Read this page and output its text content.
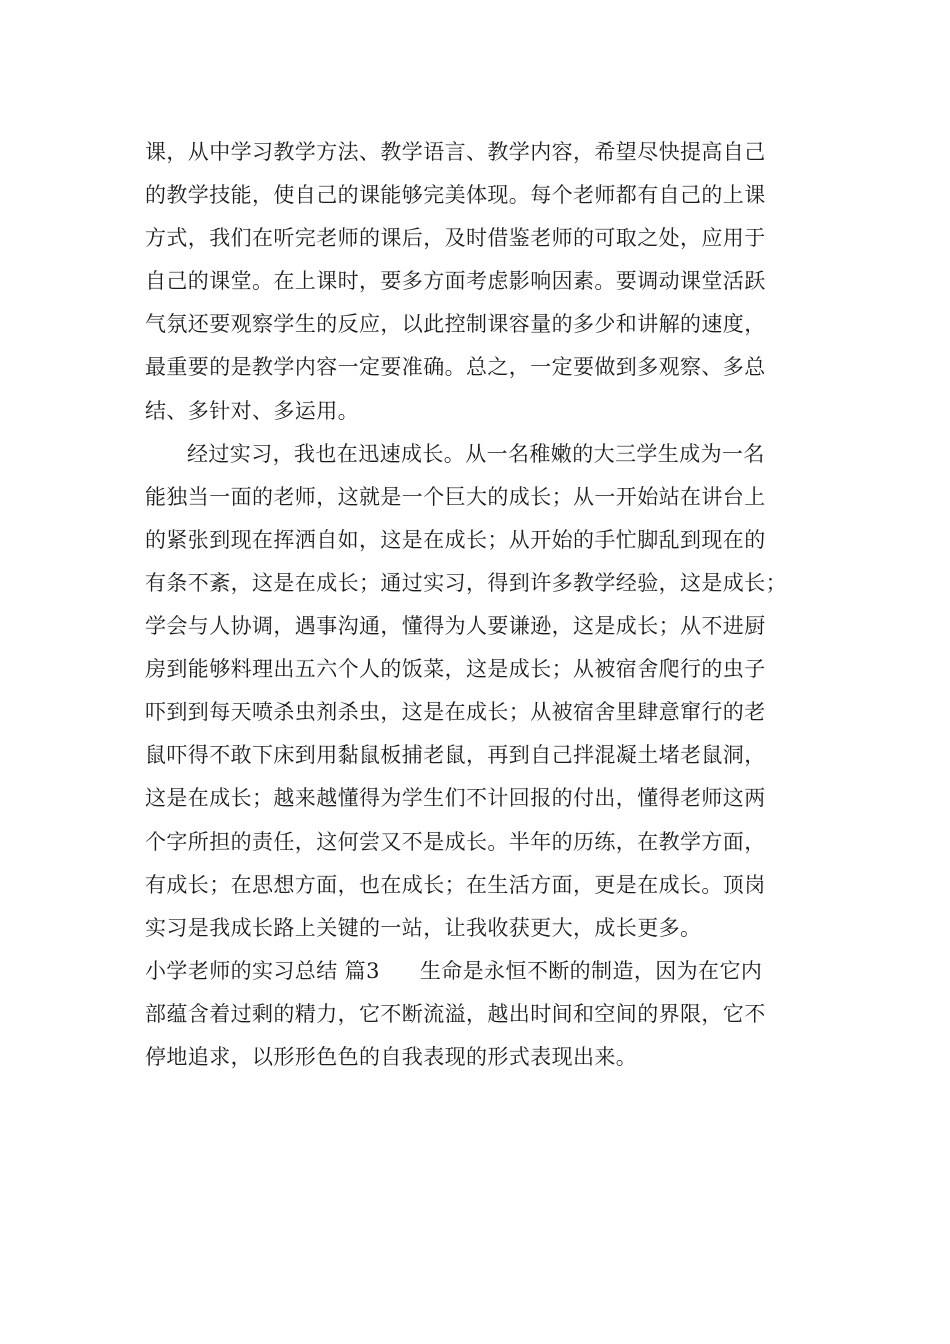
课，从中学习教学方法、教学语言、教学内容，希望尽快提高自己
的教学技能，使自己的课能够完美体现。每个老师都有自己的上课
方式，我们在听完老师的课后，及时借鉴老师的可取之处，应用于
自己的课堂。在上课时，要多方面考虑影响因素。要调动课堂活跃
气氛还要观察学生的反应，以此控制课容量的多少和讲解的速度，
最重要的是教学内容一定要准确。总之，一定要做到多观察、多总
结、多针对、多运用。
经过实习，我也在迅速成长。从一名稚嫩的大三学生成为一名
能独当一面的老师，这就是一个巨大的成长；从一开始站在讲台上
的紧张到现在挥洒自如，这是在成长；从开始的手忙脚乱到现在的
有条不紊，这是在成长；通过实习，得到许多教学经验，这是成长；
学会与人协调，遇事沟通，懂得为人要谦逊，这是成长；从不进厨
房到能够料理出五六个人的饭菜，这是成长；从被宿舍爬行的虫子
吓到到每天喷杀虫剂杀虫，这是在成长；从被宿舍里肆意窜行的老
鼠吓得不敢下床到用黏鼠板捕老鼠，再到自己拌混凝土堵老鼠洞，
这是在成长；越来越懂得为学生们不计回报的付出，懂得老师这两
个字所担的责任，这何尝又不是成长。半年的历练，在教学方面，
有成长；在思想方面，也在成长；在生活方面，更是在成长。顶岗
实习是我成长路上关键的一站，让我收获更大，成长更多。
小学老师的实习总结 篇3 生命是永恒不断的制造，因为在它内
部蕴含着过剩的精力，它不断流溢，越出时间和空间的界限，它不
停地追求，以形形色色的自我表现的形式表现出来。
